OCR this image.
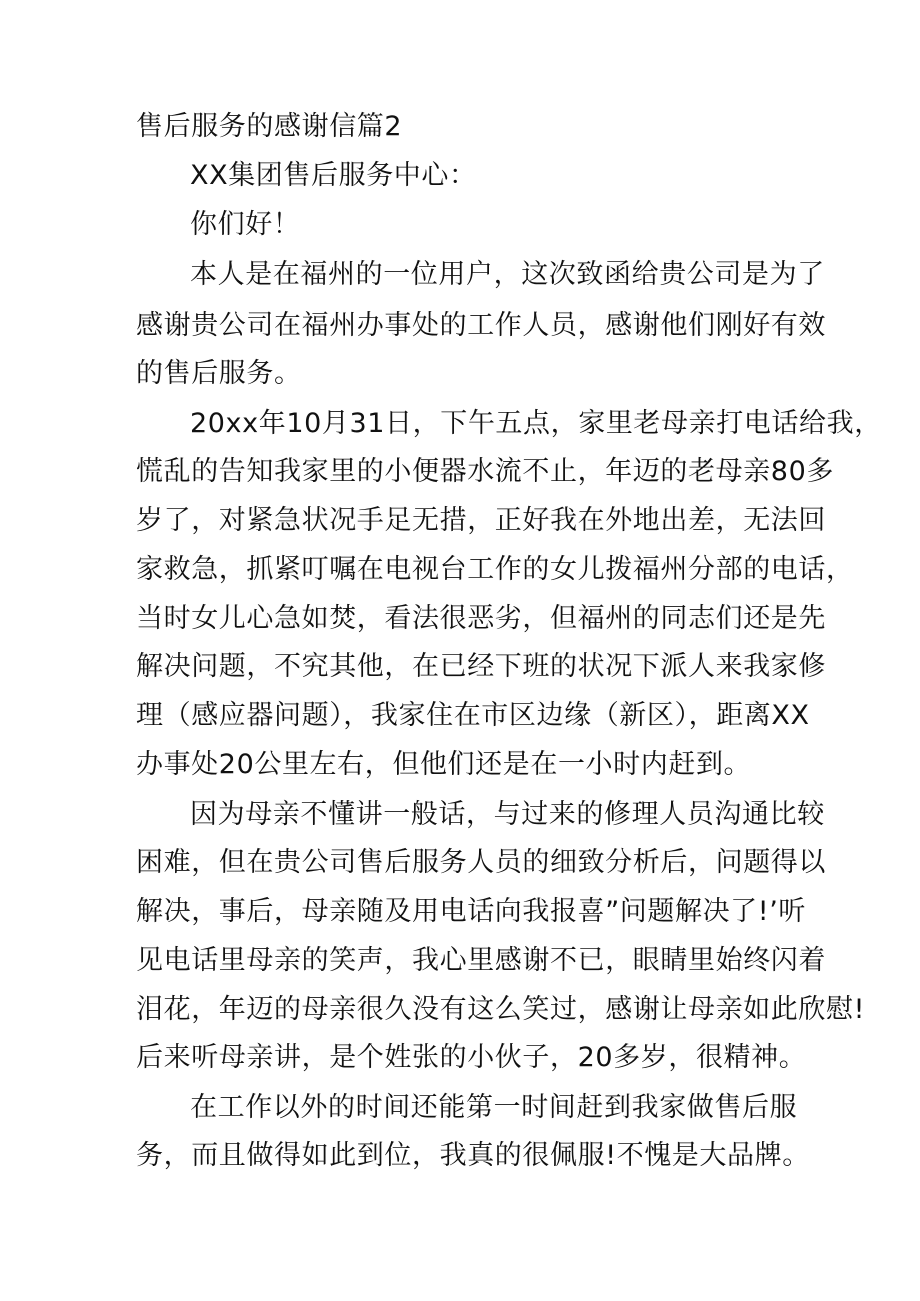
售后服务的感谢信篇2
XX集团售后服务中心：
你们好！
本人是在福州的一位用户，这次致函给贵公司是为了
感谢贵公司在福州办事处的工作人员，感谢他们刚好有效
的售后服务。
20xx年10月31日，下午五点，家里老母亲打电话给我，
慌乱的告知我家里的小便器水流不止，年迈的老母亲80多
岁了，对紧急状况手足无措，正好我在外地出差，无法回
家救急，抓紧叮嘱在电视台工作的女儿拨福州分部的电话，
当时女儿心急如焚，看法很恶劣，但福州的同志们还是先
解决问题，不究其他，在已经下班的状况下派人来我家修
理（感应器问题），我家住在市区边缘（新区），距离XX
办事处20公里左右，但他们还是在一小时内赶到。
因为母亲不懂讲一般话，与过来的修理人员沟通比较
困难，但在贵公司售后服务人员的细致分析后，问题得以
解决，事后，母亲随及用电话向我报喜”问题解决了!’听
见电话里母亲的笑声，我心里感谢不已，眼睛里始终闪着
泪花，年迈的母亲很久没有这么笑过，感谢让母亲如此欣慰!
后来听母亲讲，是个姓张的小伙子，20多岁，很精神。
在工作以外的时间还能第一时间赶到我家做售后服
务，而且做得如此到位，我真的很佩服!不愧是大品牌。
